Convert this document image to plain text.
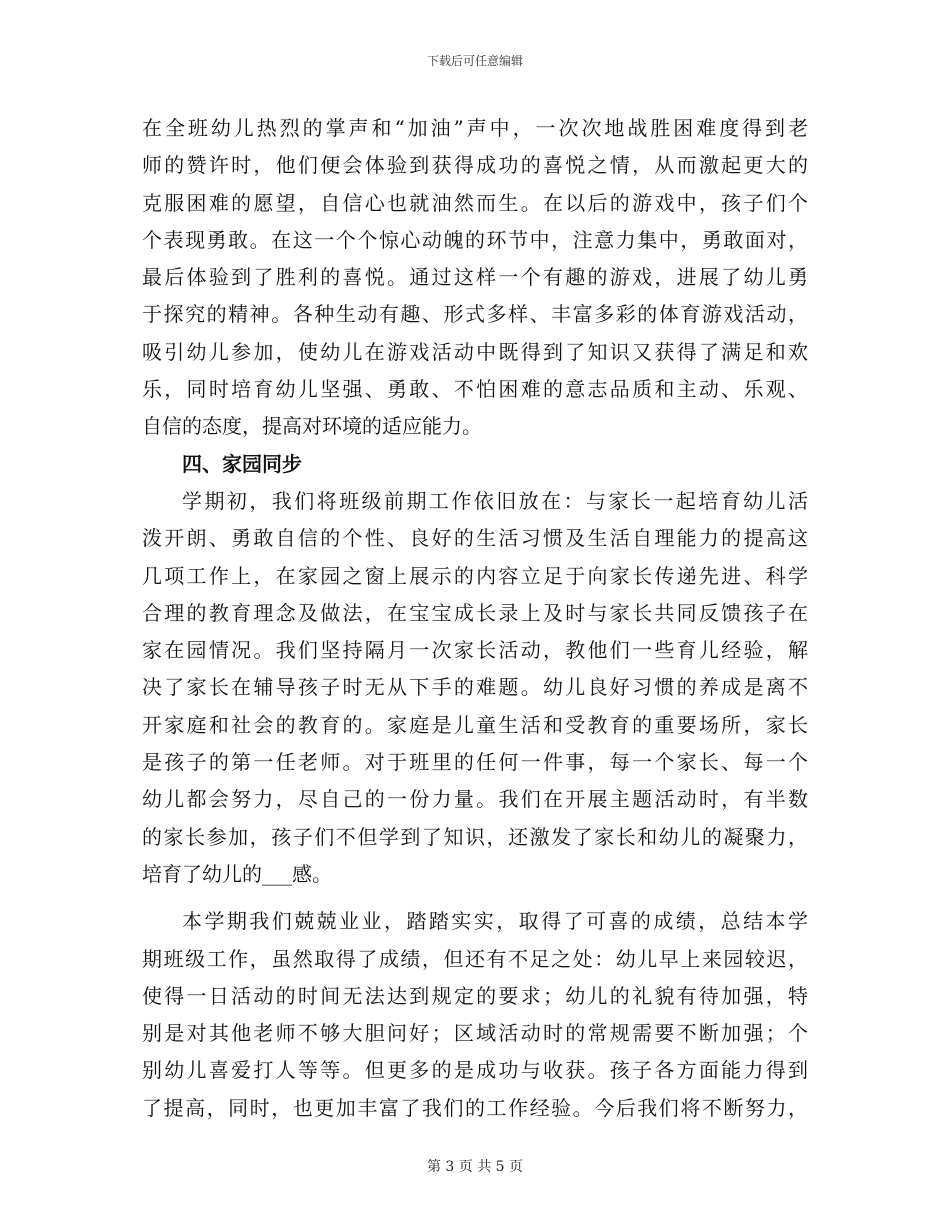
下载后可任意编辑
在全班幼儿热烈的掌声和“加油”声中，一次次地战胜困难度得到老
师的赞许时，他们便会体验到获得成功的喜悦之情，从而激起更大的
克服困难的愿望，自信心也就油然而生。在以后的游戏中，孩子们个
个表现勇敢。在这一个个惊心动魄的环节中，注意力集中，勇敢面对，
最后体验到了胜利的喜悦。通过这样一个有趣的游戏，进展了幼儿勇
于探究的精神。各种生动有趣、形式多样、丰富多彩的体育游戏活动，
吸引幼儿参加，使幼儿在游戏活动中既得到了知识又获得了满足和欢
乐，同时培育幼儿坚强、勇敢、不怕困难的意志品质和主动、乐观、
自信的态度，提高对环境的适应能力。
四、家园同步
学期初，我们将班级前期工作依旧放在：与家长一起培育幼儿活
泼开朗、勇敢自信的个性、良好的生活习惯及生活自理能力的提高这
几项工作上，在家园之窗上展示的内容立足于向家长传递先进、科学
合理的教育理念及做法，在宝宝成长录上及时与家长共同反馈孩子在
家在园情况。我们坚持隔月一次家长活动，教他们一些育儿经验，解
决了家长在辅导孩子时无从下手的难题。幼儿良好习惯的养成是离不
开家庭和社会的教育的。家庭是儿童生活和受教育的重要场所，家长
是孩子的第一任老师。对于班里的任何一件事，每一个家长、每一个
幼儿都会努力，尽自己的一份力量。我们在开展主题活动时，有半数
的家长参加，孩子们不但学到了知识，还激发了家长和幼儿的凝聚力，
培育了幼儿的___感。
本学期我们兢兢业业，踏踏实实，取得了可喜的成绩，总结本学
期班级工作，虽然取得了成绩，但还有不足之处：幼儿早上来园较迟，
使得一日活动的时间无法达到规定的要求；幼儿的礼貌有待加强，特
别是对其他老师不够大胆问好；区域活动时的常规需要不断加强；个
别幼儿喜爱打人等等。但更多的是成功与收获。孩子各方面能力得到
了提高，同时，也更加丰富了我们的工作经验。今后我们将不断努力，
第 3 页 共 5 页
